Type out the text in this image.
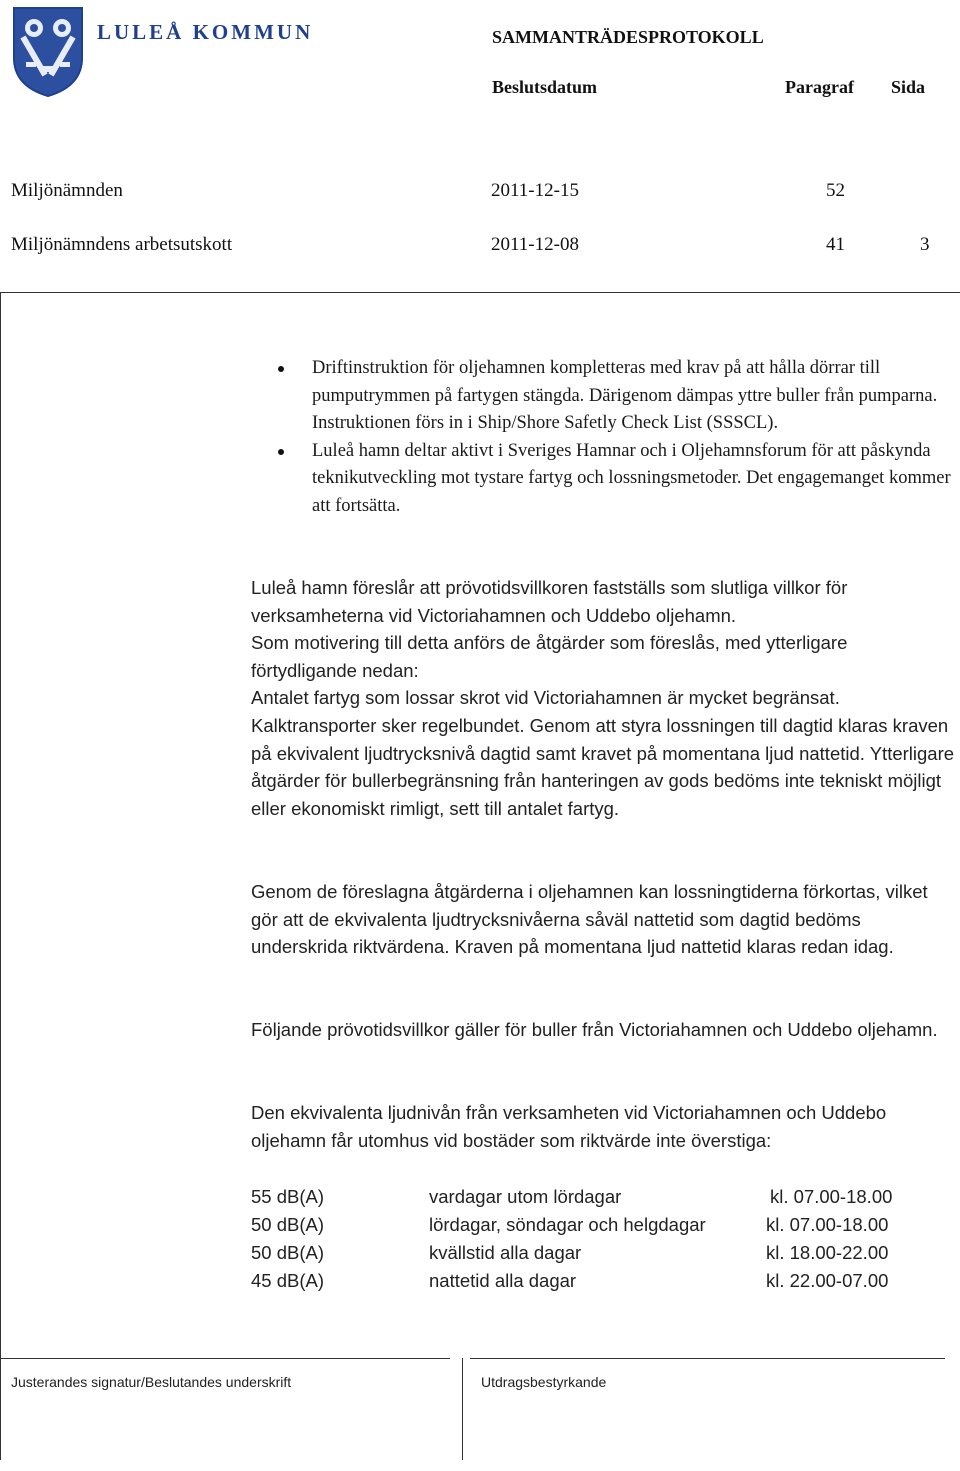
LULEÅ KOMMUN	SAMMANTRÄDESPROTOKOLL
Beslutsdatum	Paragraf Sida
Miljönämnden	2011-12-15	52
Miljönämndens arbetsutskott	2011-12-08	41	3
Driftinstruktion för oljehamnen kompletteras med krav på att hålla dörrar till pumputrymmen på fartygen stängda. Därigenom dämpas yttre buller från pumparna. Instruktionen förs in i Ship/Shore Safetly Check List (SSSCL).
Luleå hamn deltar aktivt i Sveriges Hamnar och i Oljehamnsforum för att påskynda teknikutveckling mot tystare fartyg och lossningsmetoder. Det engagemanget kommer att fortsätta.

Luleå hamn föreslår att prövotidsvillkoren fastställs som slutliga villkor för verksamheterna vid Victoriahamnen och Uddebo oljehamn.

Som motivering till detta anförs de åtgärder som föreslås, med ytterligare förtydligande nedan:

Antalet fartyg som lossar skrot vid Victoriahamnen är mycket begränsat.

Kalktransporter sker regelbundet. Genom att styra lossningen till dagtid klaras kraven på ekvivalent ljudtrycksnivå dagtid samt kravet på momentana ljud nattetid. Ytterligare åtgärder för bullerbegränsning från hanteringen av gods bedöms inte tekniskt möjligt eller ekonomiskt rimligt, sett till antalet fartyg.

Genom de föreslagna åtgärderna i oljehamnen kan lossningtiderna förkortas, vilket gör att de ekvivalenta ljudtrycksnivåerna såväl nattetid som dagtid bedöms underskrida riktvärdena. Kraven på momentana ljud nattetid klaras redan idag.
Följande prövotidsvillkor gäller för buller från Victoriahamnen och Uddebo oljehamn.
Den ekvivalenta ljudnivån från verksamheten vid Victoriahamnen och Uddebo oljehamn får utomhus vid bostäder som riktvärde inte överstiga:
55 dB(A)	vardagar utom lördagar	kl. 07.00-18.00
50 dB(A)	lördagar, söndagar och helgdagar	kl. 07.00-18.00
50 dB(A)	kvällstid alla dagar	kl. 18.00-22.00
45 dB(A)	nattetid alla dagar	kl. 22.00-07.00
Justerandes signatur/Beslutandes underskrift	Utdragsbestyrkande
